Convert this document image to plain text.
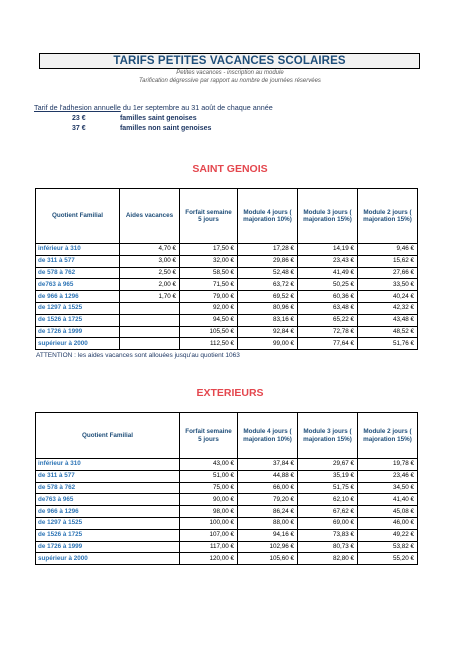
TARIFS PETITES VACANCES SCOLAIRES
Petites vacances - inscription au module
Tarification dégressive par rapport au nombre de journées réservées
Tarif de l'adhesion annuelle du 1er septembre au 31 août de chaque année
23 €	familles saint genoises
37 €	familles non saint genoises
SAINT GENOIS
Quotient Familial	Aides vacances	Forfait semaine 5 jours	Module 4 jours ( majoration 10%)	Module 3 jours ( majoration 15%)	Module 2 jours ( majoration 15%)
inférieur à 310	4,70 €	17,50 €	17,28 €	14,19 €	9,46 €
de 311 à 577	3,00 €	32,00 €	29,86 €	23,43 €	15,62 €
de 578 à 762	2,50 €	58,50 €	52,48 €	41,49 €	27,66 €
de763 à 965	2,00 €	71,50 €	63,72 €	50,25 €	33,50 €
de 966 à 1296	1,70 €	79,00 €	69,52 €	60,36 €	40,24 €
de 1297 à 1525		92,00 €	80,96 €	63,48 €	42,32 €
de 1526 à 1725		94,50 €	83,16 €	65,22 €	43,48 €
de 1726 à 1999		105,50 €	92,84 €	72,78 €	48,52 €
supérieur à 2000		112,50 €	99,00 €	77,64 €	51,76 €
ATTENTION : les aides vacances sont allouées jusqu'au quotient 1063
EXTERIEURS
Quotient Familial	Forfait semaine 5 jours	Module 4 jours ( majoration 10%)	Module 3 jours ( majoration 15%)	Module 2 jours ( majoration 15%)
inférieur à 310	43,00 €	37,84 €	29,67 €	19,78 €
de 311 à 577	51,00 €	44,88 €	35,19 €	23,46 €
de 578 à 762	75,00 €	66,00 €	51,75 €	34,50 €
de763 à 965	90,00 €	79,20 €	62,10 €	41,40 €
de 966 à 1296	98,00 €	86,24 €	67,62 €	45,08 €
de 1297 à 1525	100,00 €	88,00 €	69,00 €	46,00 €
de 1526 à 1725	107,00 €	94,16 €	73,83 €	49,22 €
de 1726 à 1999	117,00 €	102,96 €	80,73 €	53,82 €
supérieur à 2000	120,00 €	105,60 €	82,80 €	55,20 €
